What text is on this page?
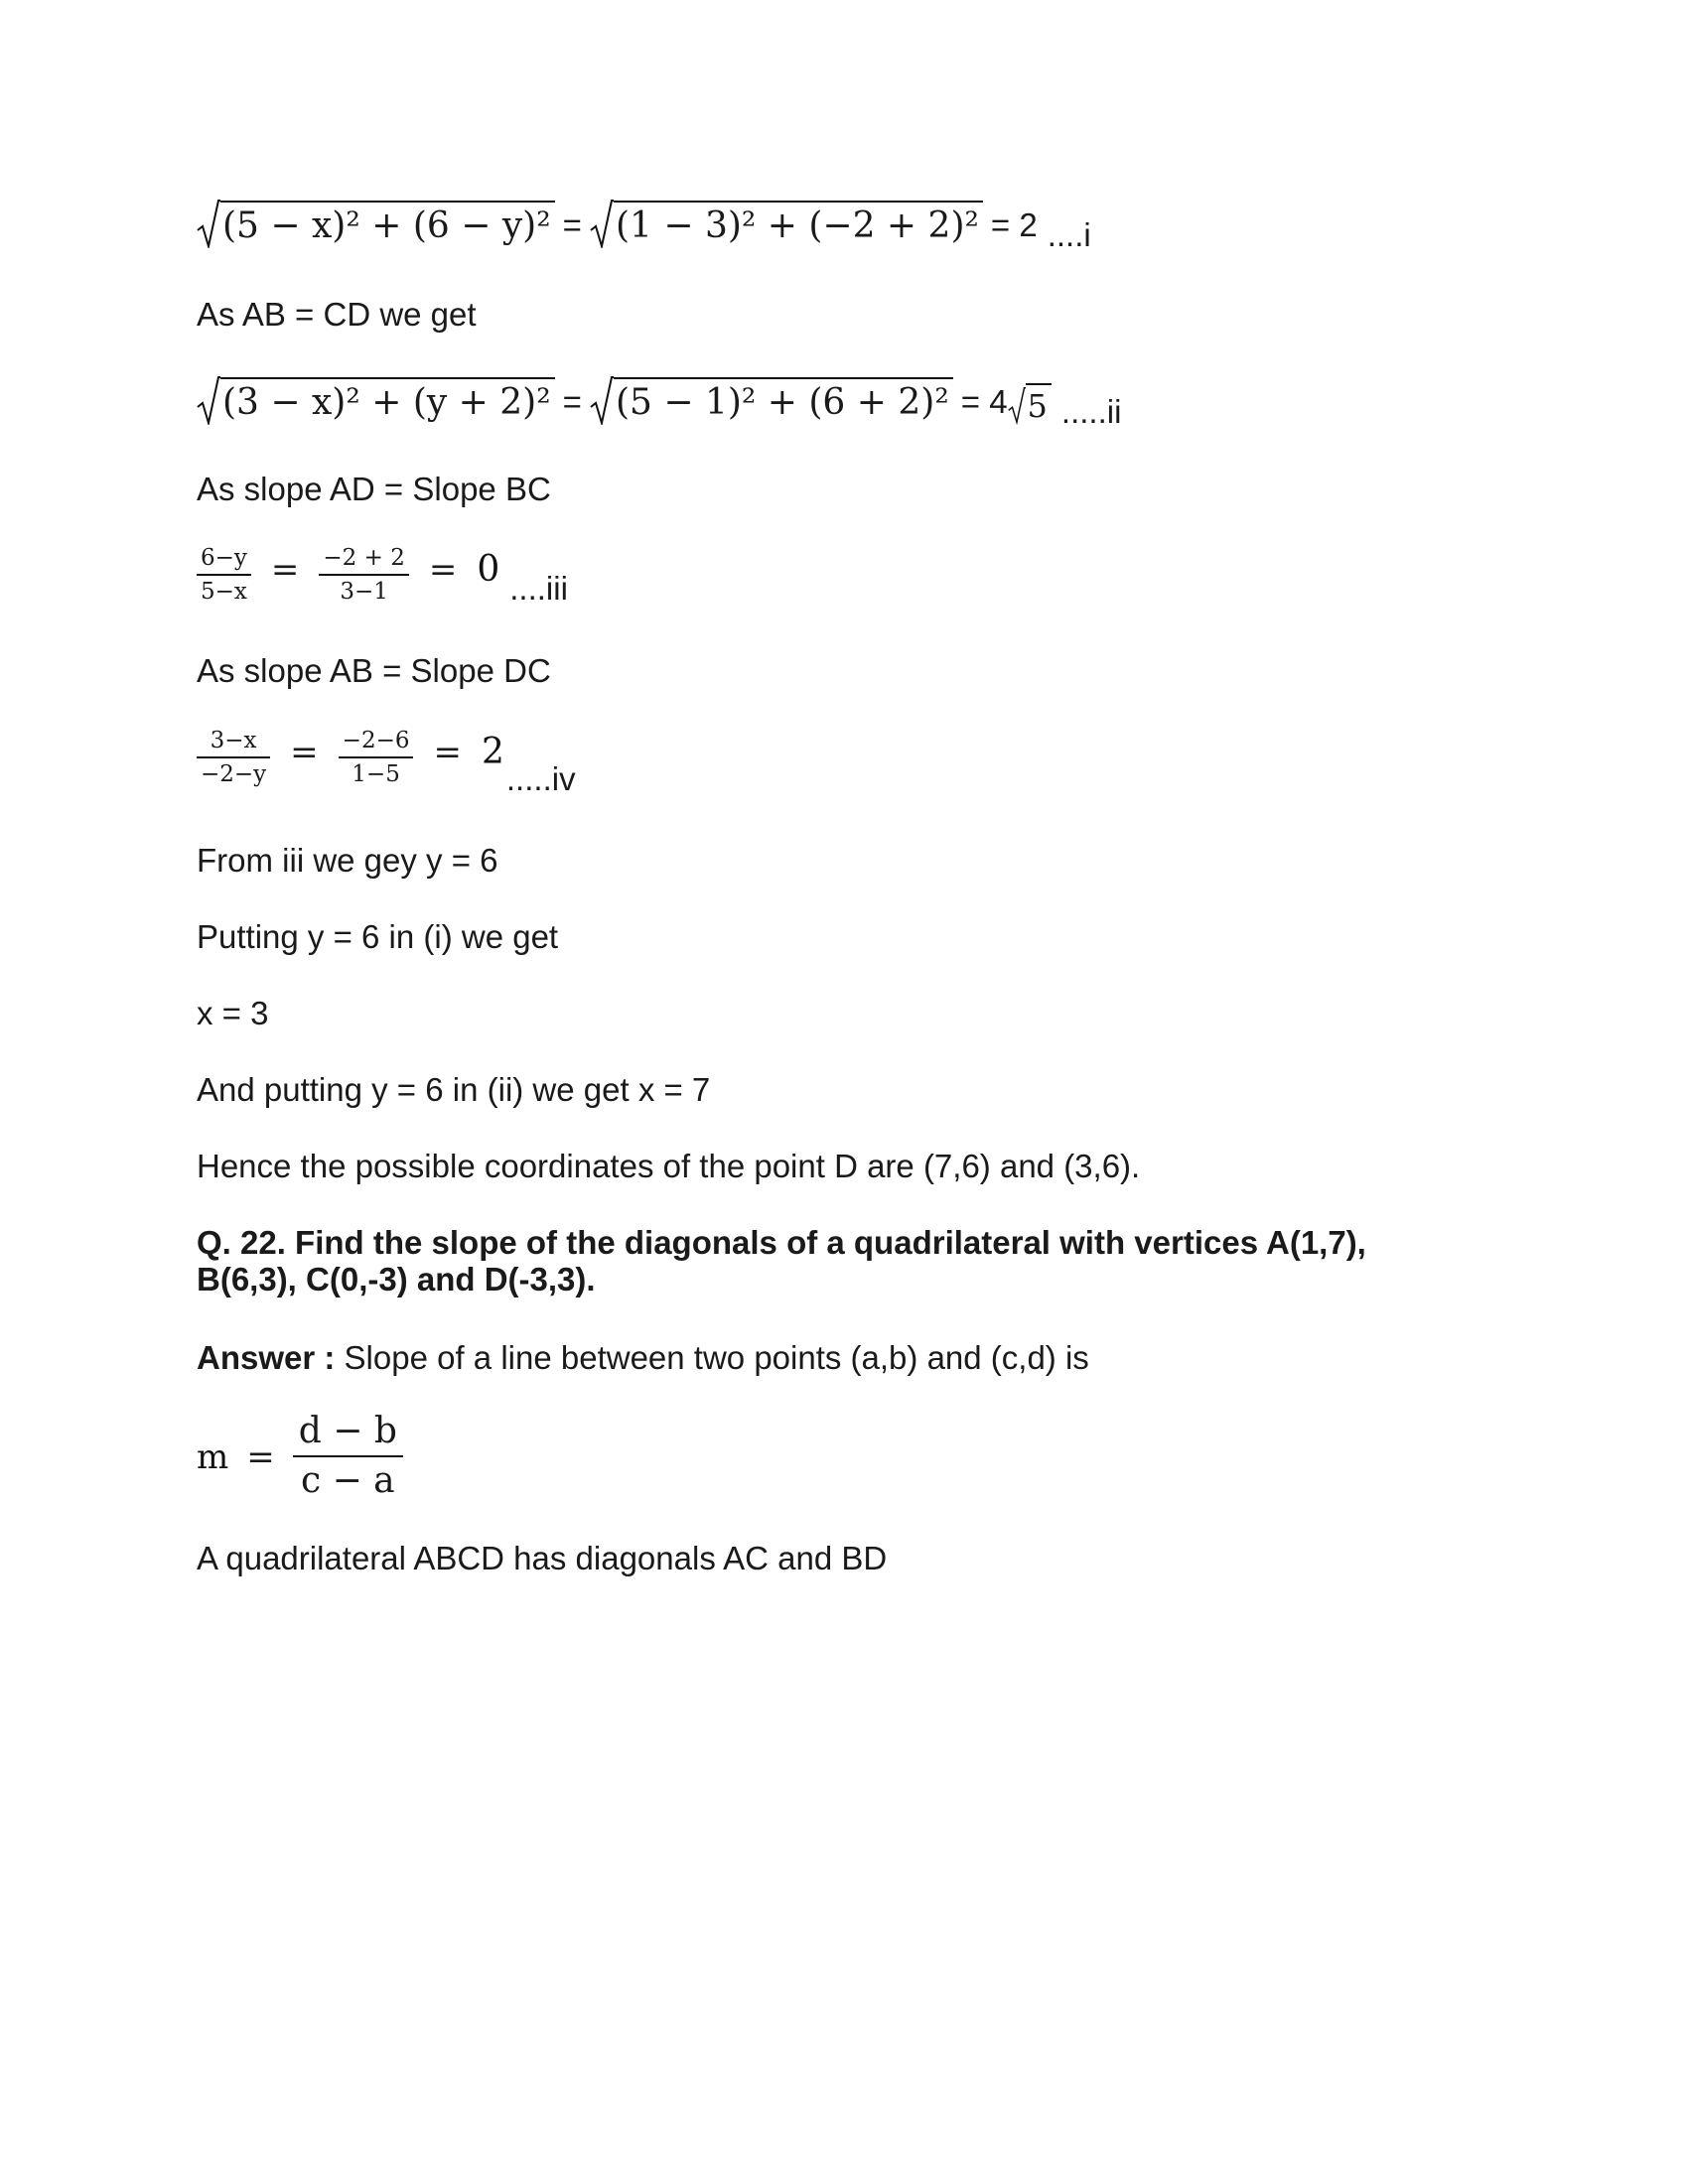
(5 − x)² + (6 − y)² = (1 − 3)² + (−2 + 2)² = 2 ....i
As AB = CD we get
(3 − x)² + (y + 2)² = (5 − 1)² + (6 + 2)² = 4 5 .....ii
As slope AD = Slope BC
$\frac{6-y}{5-x} = \frac{-2 + 2}{3-1} = 0$ ....iii
As slope AB = Slope DC
$\frac{3-x}{-2-y} = \frac{-2-6}{1-5} = 2$
.....iv
From iii we gey y = 6
Putting y = 6 in (i) we get
x = 3
And putting y = 6 in (ii) we get x = 7
Hence the possible coordinates of the point D are (7,6) and (3,6).
Q. 22. Find the slope of the diagonals of a quadrilateral with vertices A(1,7),
B(6,3), C(0,-3) and D(-3,3).
Answer : Slope of a line between two points (a,b) and (c,d) is
$m = \frac{d - b}{c - a}$
A quadrilateral ABCD has diagonals AC and BD
